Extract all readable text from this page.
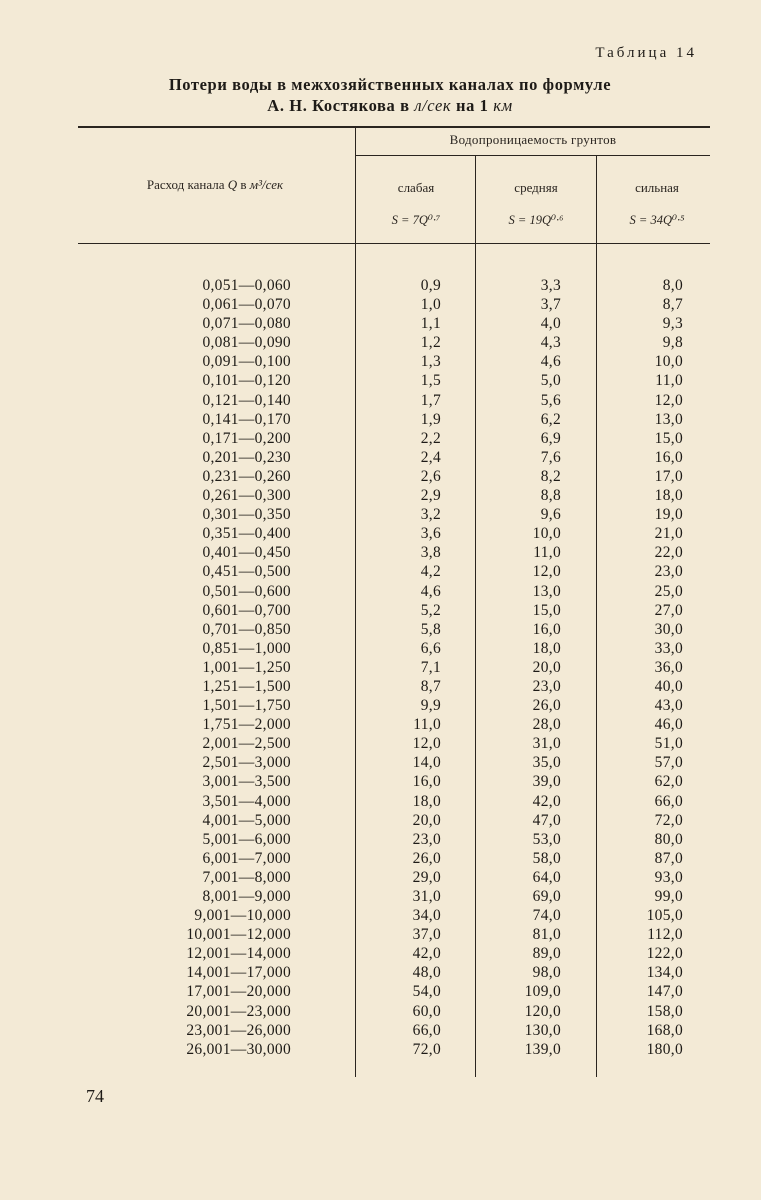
Таблица 14
Потери воды в межхозяйственных каналах по формуле
А. Н. Костякова в л/сек на 1 км
Расход канала Q в м³/сек
Водопроницаемость грунтов
слабая
S = 7Q⁰·⁷
средняя
S = 19Q⁰·⁶
сильная
S = 34Q⁰·⁵
0,051—0,060	0,9	3,3	8,0
0,061—0,070	1,0	3,7	8,7
0,071—0,080	1,1	4,0	9,3
0,081—0,090	1,2	4,3	9,8
0,091—0,100	1,3	4,6	10,0
0,101—0,120	1,5	5,0	11,0
0,121—0,140	1,7	5,6	12,0
0,141—0,170	1,9	6,2	13,0
0,171—0,200	2,2	6,9	15,0
0,201—0,230	2,4	7,6	16,0
0,231—0,260	2,6	8,2	17,0
0,261—0,300	2,9	8,8	18,0
0,301—0,350	3,2	9,6	19,0
0,351—0,400	3,6	10,0	21,0
0,401—0,450	3,8	11,0	22,0
0,451—0,500	4,2	12,0	23,0
0,501—0,600	4,6	13,0	25,0
0,601—0,700	5,2	15,0	27,0
0,701—0,850	5,8	16,0	30,0
0,851—1,000	6,6	18,0	33,0
1,001—1,250	7,1	20,0	36,0
1,251—1,500	8,7	23,0	40,0
1,501—1,750	9,9	26,0	43,0
1,751—2,000	11,0	28,0	46,0
2,001—2,500	12,0	31,0	51,0
2,501—3,000	14,0	35,0	57,0
3,001—3,500	16,0	39,0	62,0
3,501—4,000	18,0	42,0	66,0
4,001—5,000	20,0	47,0	72,0
5,001—6,000	23,0	53,0	80,0
6,001—7,000	26,0	58,0	87,0
7,001—8,000	29,0	64,0	93,0
8,001—9,000	31,0	69,0	99,0
9,001—10,000	34,0	74,0	105,0
10,001—12,000	37,0	81,0	112,0
12,001—14,000	42,0	89,0	122,0
14,001—17,000	48,0	98,0	134,0
17,001—20,000	54,0	109,0	147,0
20,001—23,000	60,0	120,0	158,0
23,001—26,000	66,0	130,0	168,0
26,001—30,000	72,0	139,0	180,0
74
